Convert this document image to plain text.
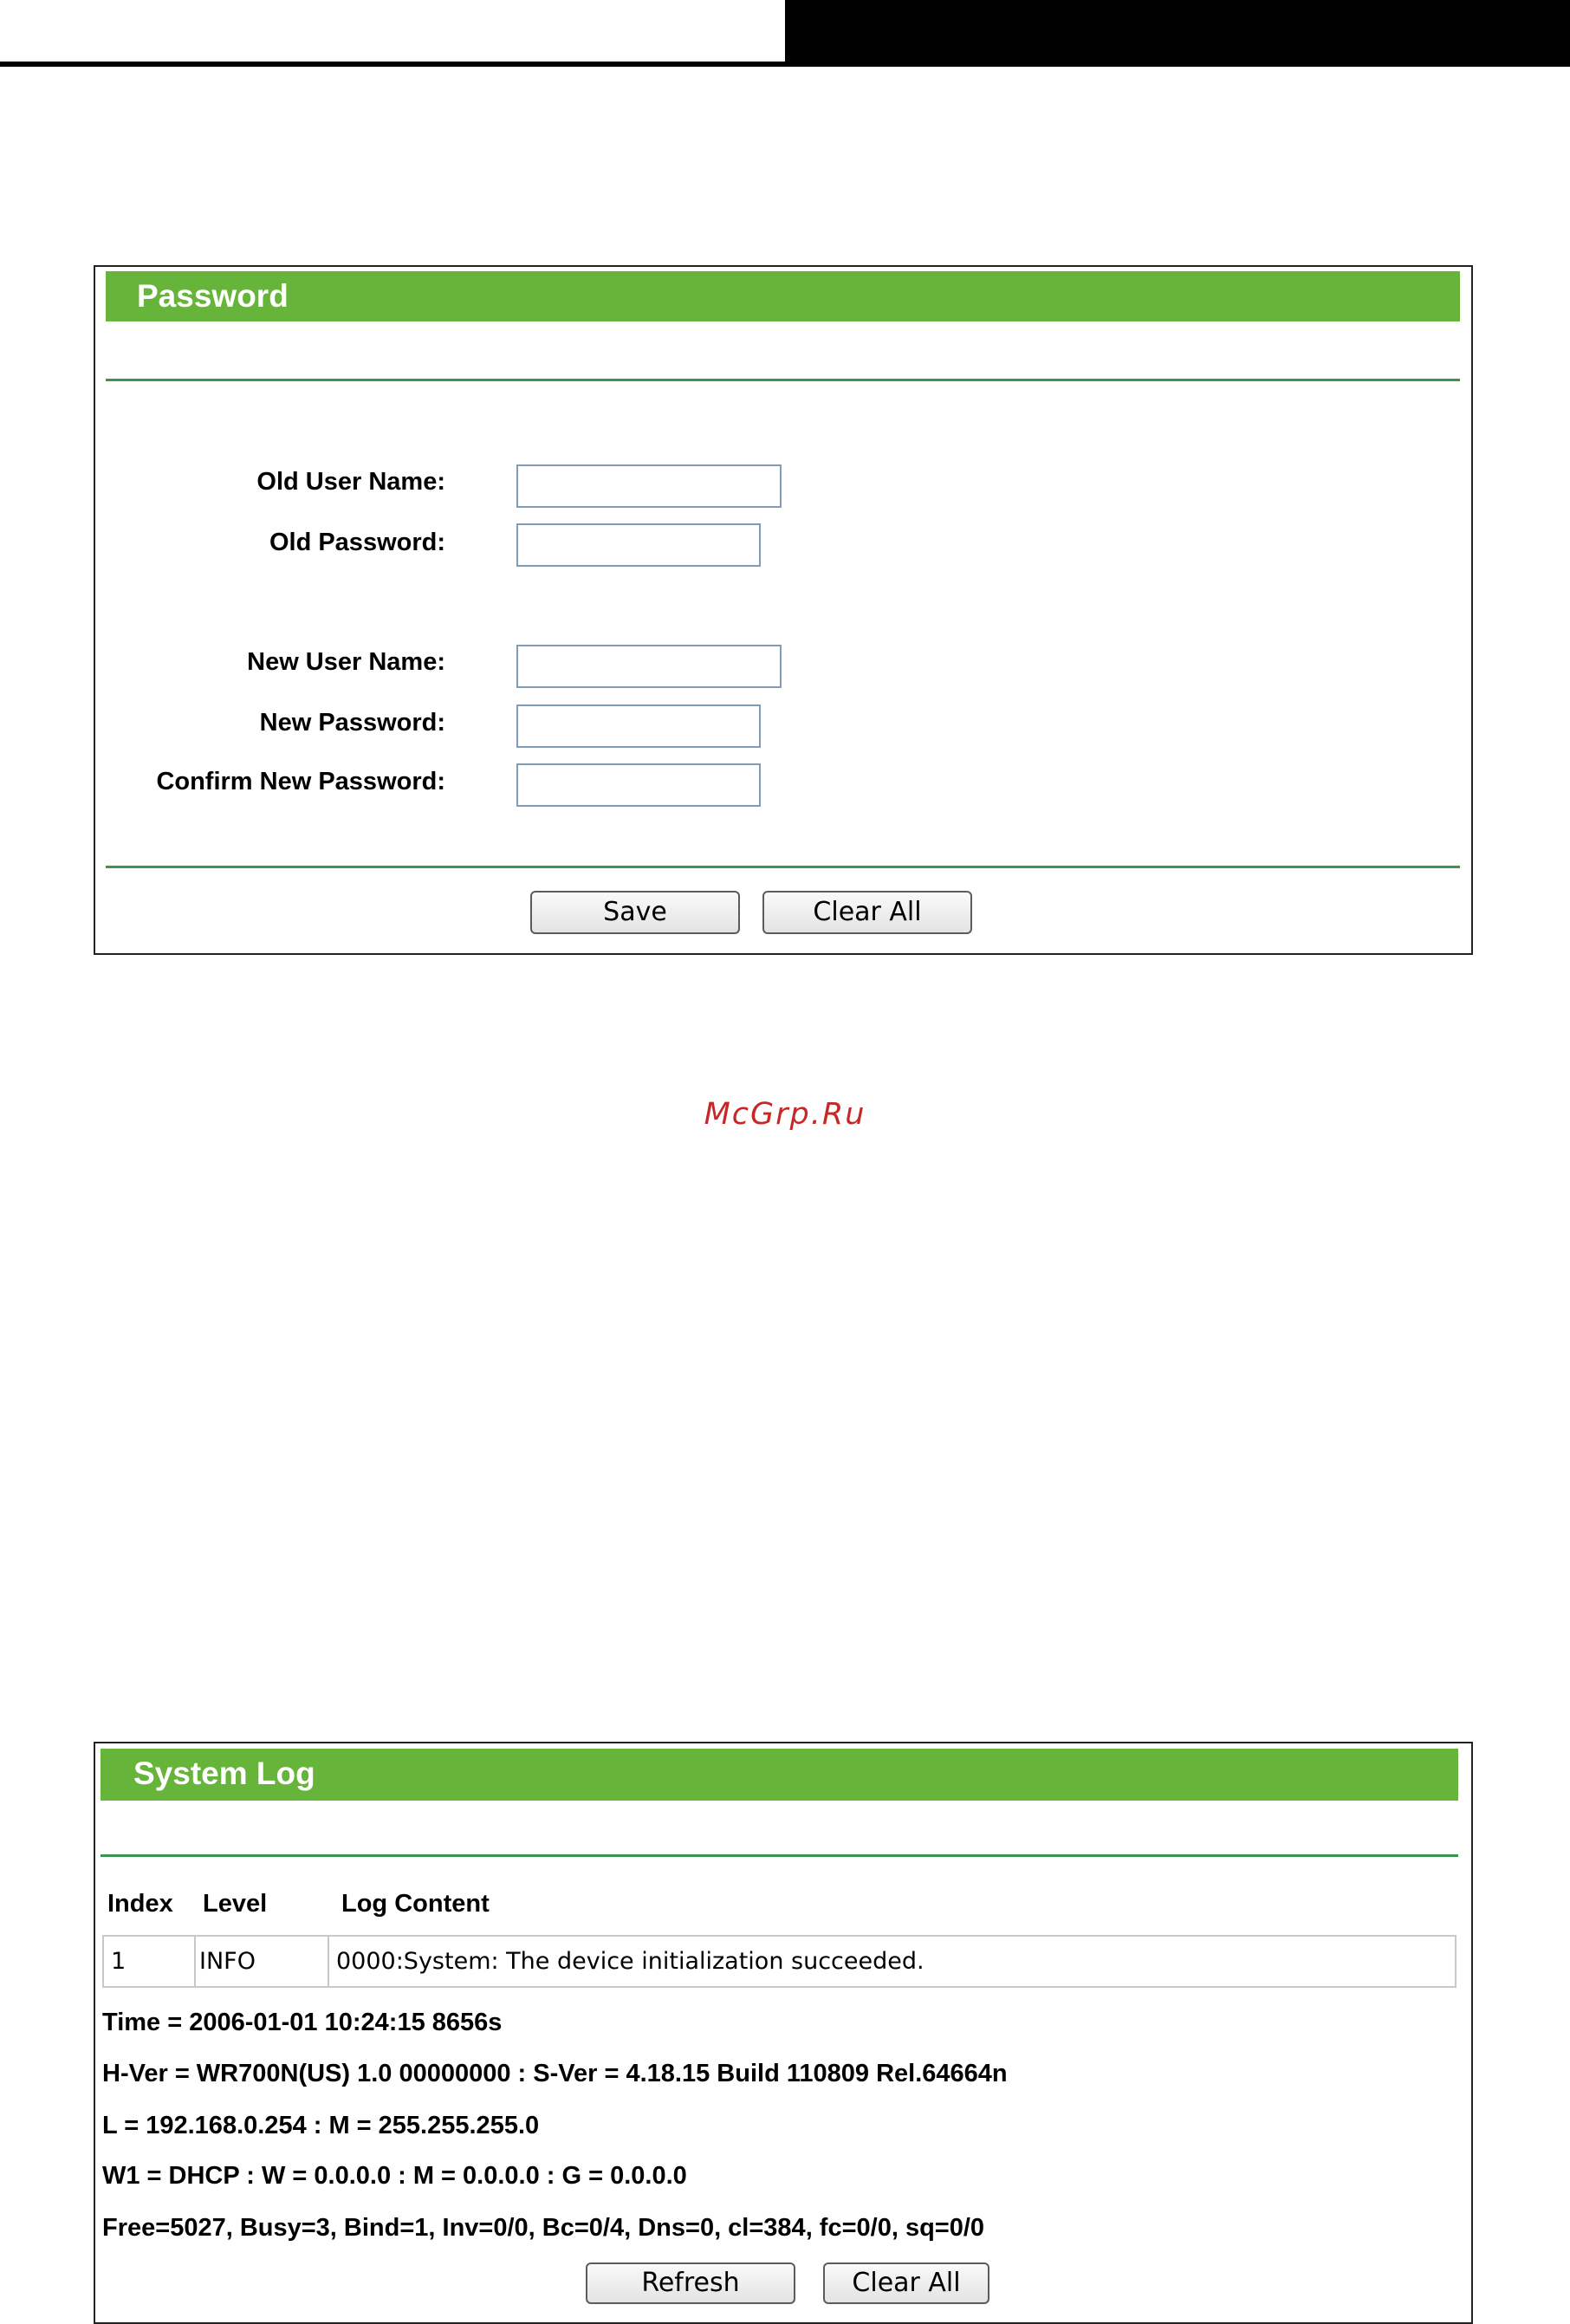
Password
Old User Name:
Old Password:
New User Name:
New Password:
Confirm New Password:
Save	Clear All
McGrp.Ru
System Log
Index Level	Log Content
1	INFO	0000:System: The device initialization succeeded.
Time = 2006-01-01 10:24:15 8656s
H-Ver = WR700N(US) 1.0 00000000 : S-Ver = 4.18.15 Build 110809 Rel.64664n
L = 192.168.0.254 : M = 255.255.255.0
W1 = DHCP : W = 0.0.0.0 : M = 0.0.0.0 : G = 0.0.0.0
Free=5027, Busy=3, Bind=1, Inv=0/0, Bc=0/4, Dns=0, cl=384, fc=0/0, sq=0/0
Refresh	Clear All
